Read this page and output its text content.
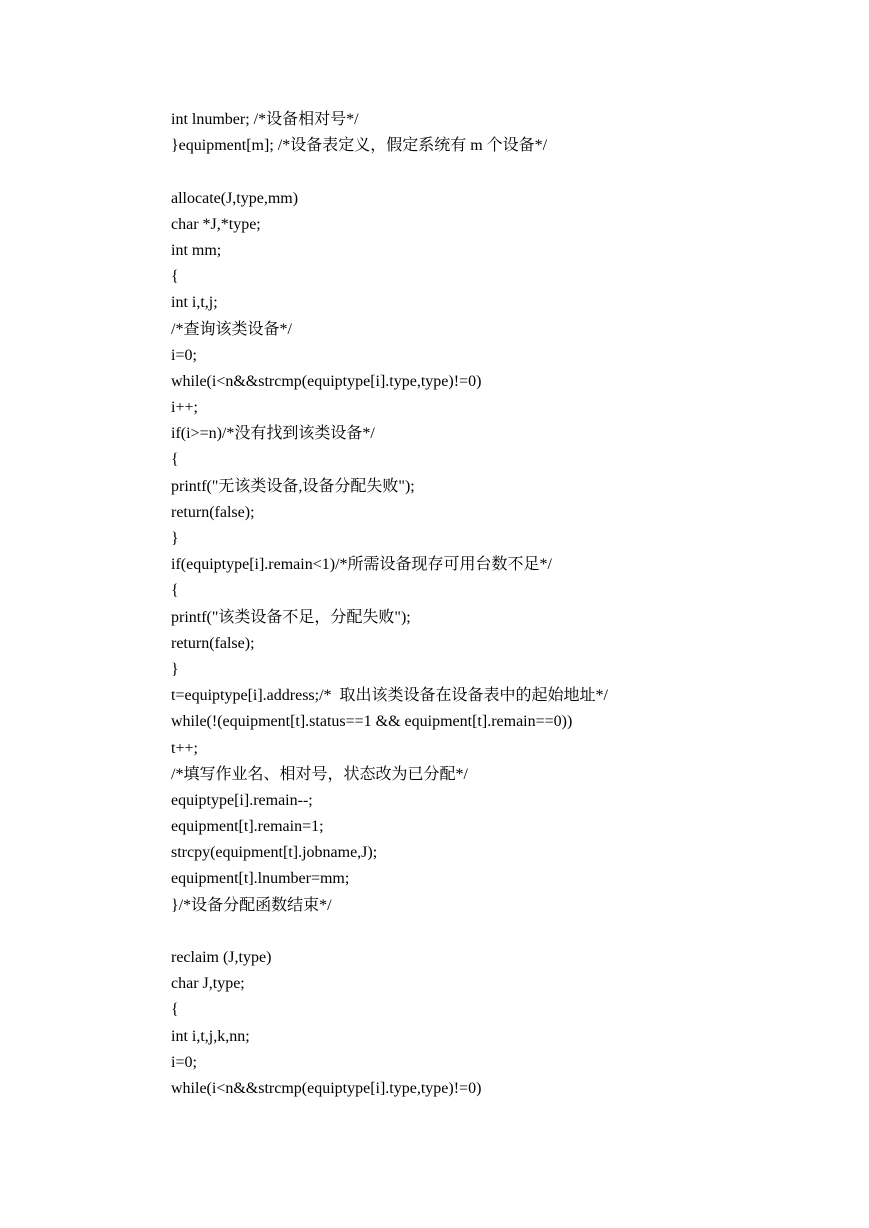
int lnumber; /*设备相对号*/
}equipment[m]; /*设备表定义，假定系统有 m 个设备*/
allocate(J,type,mm)
char *J,*type;
int mm;
{
int i,t,j;
/*查询该类设备*/
i=0;
while(i<n&&strcmp(equiptype[i].type,type)!=0)
i++;
if(i>=n)/*没有找到该类设备*/
{
printf("无该类设备,设备分配失败");
return(false);
}
if(equiptype[i].remain<1)/*所需设备现存可用台数不足*/
{
printf("该类设备不足，分配失败");
return(false);
}
t=equiptype[i].address;/*  取出该类设备在设备表中的起始地址*/
while(!(equipment[t].status==1 && equipment[t].remain==0))
t++;
/*填写作业名、相对号，状态改为已分配*/
equiptype[i].remain--;
equipment[t].remain=1;
strcpy(equipment[t].jobname,J);
equipment[t].lnumber=mm;
}/*设备分配函数结束*/
reclaim (J,type)
char J,type;
{
int i,t,j,k,nn;
i=0;
while(i<n&&strcmp(equiptype[i].type,type)!=0)
